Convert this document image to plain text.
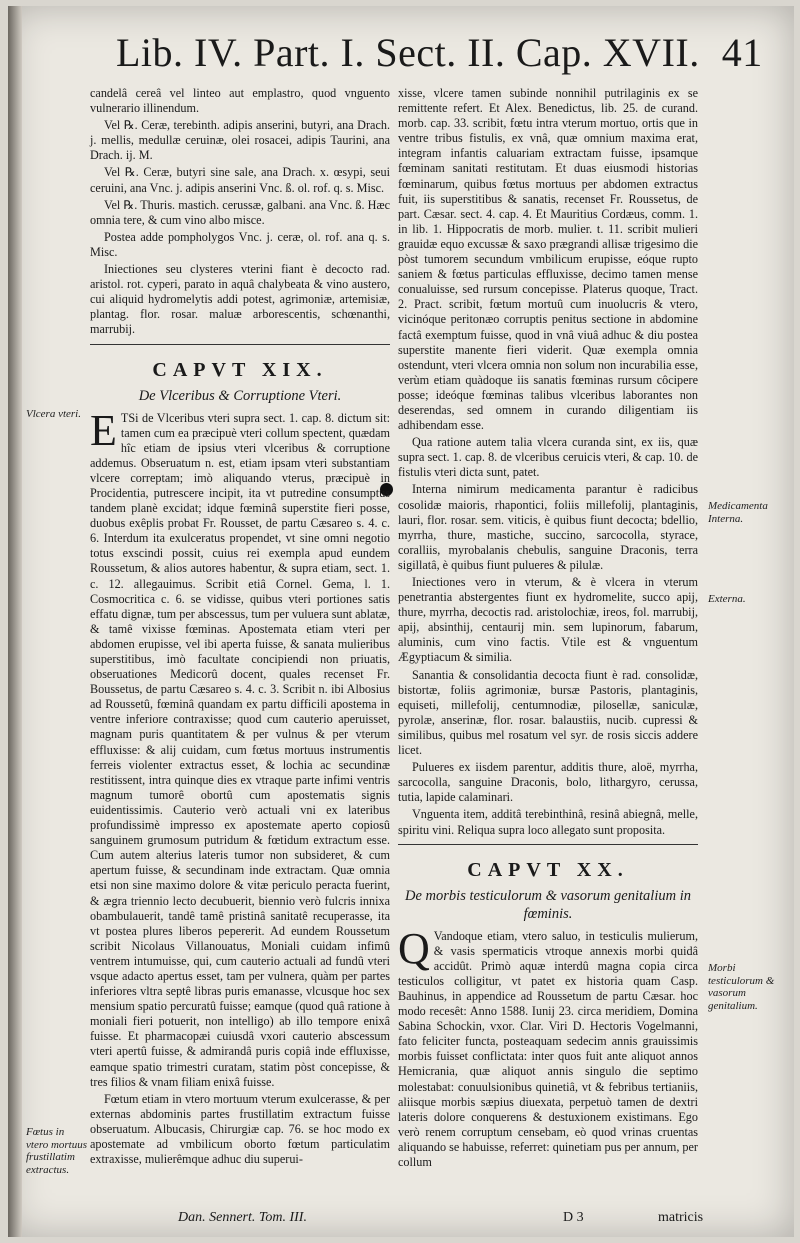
Lib. IV. Part. I. Sect. II. Cap. XVII. 41

candelâ cereâ vel linteo aut emplastro, quod vnguento vulnerario illinendum.

Vel ℞. Ceræ, terebinth. adipis anserini, butyri, ana Drach. j. mellis, medullæ ceruinæ, olei rosacei, adipis Taurini, ana Drach. ij. M.

Vel ℞. Ceræ, butyri sine sale, ana Drach. x. œsypi, seui ceruini, ana Vnc. j. adipis anserini Vnc. ß. ol. rof. q. s. Misc.

Vel ℞. Thuris. mastich. cerussæ, galbani. ana Vnc. ß. Hæc omnia tere, & cum vino albo misce.

Postea adde pompholygos Vnc. j. ceræ, ol. rof. ana q. s. Misc.

Iniectiones seu clysteres vterini fiant è decocto rad. aristol. rot. cyperi, parato in aquâ chalybeata & vino austero, cui aliquid hydromelytis addi potest, agrimoniæ, artemisiæ, plantag. flor. rosar. maluæ arborescentis, schœnanthi, marrubij.

CAPVT XIX.
De Vlceribus & Corruptione Vteri.

E TSi de Vlceribus vteri supra sect. 1. cap. 8. dictum sit: tamen cum ea præcipuè vteri collum spectent, quædam hîc etiam de ipsius vteri vlceribus & corruptione addemus. Obseruatum n. est, etiam ipsam vteri substantiam vlcere correptam; imò aliquando vterus, præcipuè in Procidentia, putrescere incipit, ita vt putredine consumptus tandem planè excidat; idque fœminâ superstite fieri posse, duobus exêplis probat Fr. Rousset, de partu Cæsareo s. 4. c. 6. Interdum ita exulceratus propendet, vt sine omni negotio totus exscindi possit, cuius rei exempla apud eundem Roussetum, & alios autores habentur, & supra etiam, sect. 1. c. 12. allegauimus. Scribit etiâ Cornel. Gema, l. 1. Cosmocritica c. 6. se vidisse, quibus vteri portiones satis effatu dignæ, tum per abscessus, tum per vuluera sunt ablatæ, & tamê vixisse fœminas. Apostemata etiam vteri per abdomen erupisse, vel ibi aperta fuisse, & sanata mulieribus superstitibus, imò facultate concipiendi non priuatis, obseruationes Medicorû docent, quales recenset Fr. Boussetus, de partu Cæsareo s. 4. c. 3. Scribit n. ibi Albosius ad Roussetû, fœminâ quandam ex partu difficili apostema in ventre inferiore contraxisse; quod cum cauterio aperuisset, magnam puris quantitatem & per vulnus & per vterum effluxisse: & alij cuidam, cum fœtus mortuus instrumentis ferreis violenter extractus esset, & lochia ac secundinæ restitissent, intra quinque dies ex vtraque parte infimi ventris magnum tumorê obortû cum apostematis signis euidentissimis. Cauterio verò actuali vni ex lateribus profundissimè impresso ex apostemate aperto copiosû sanguinem grumosum putridum & fœtidum extractum esse. Cum autem alterius lateris tumor non subsideret, & cum apertum fuisse, & secundinam inde extractam. Quæ omnia etsi non sine maximo dolore & vitæ periculo peracta fuerint, & ægra triennio lecto decubuerit, biennio verò fulcris innixa obambulauerit, tandê tamê pristinâ sanitatê recuperasse, ita vt postea plures liberos pepererit. Ad eundem Roussetum scribit Nicolaus Villanouatus, Moniali cuidam infimû ventrem intumuisse, qui, cum cauterio actuali ad fundû vteri vsque adacto apertus esset, tam per vulnera, quàm per partes inferiores vltra septê libras puris emanasse, vlcusque hoc sex mensium spatio percuratû fuisse; eamque (quod quâ ratione à moniali fieri potuerit, non intelligo) ab illo tempore enixâ fuisse. Et pharmacopæi cuiusdâ vxori cauterio abscessum vteri apertû fuisse, & admirandâ puris copiâ inde effluxisse, eamque spatio trimestri curatam, statim pòst concepisse, & tres filios & vnam filiam enixâ fuisse.

Fœtum etiam in vtero mortuum vterum exulcerasse, & per externas abdominis partes frustillatim extractum fuisse obseruatum. Albucasis, Chirurgiæ cap. 76. se hoc modo ex apostemate ad vmbilicum oborto fœtum particulatim extraxisse, mulierêmque adhuc diu superui-

xisse, vlcere tamen subinde nonnihil putrilaginis ex se remittente refert. Et Alex. Benedictus, lib. 25. de curand. morb. cap. 33. scribit, fœtu intra vterum mortuo, ortis que in ventre tribus fistulis, ex vnâ, quæ omnium maxima erat, integram infantis caluariam extractam fuisse, ipsamque fœminam sanitati restitutam. Et duas eiusmodi historias fœminarum, quibus fœtus mortuus per abdomen extractus fuit, iis superstitibus & sanatis, recenset Fr. Roussetus, de part. Cæsar. sect. 4. cap. 4. Et Mauritius Cordæus, comm. 1. in lib. 1. Hippocratis de morb. mulier. t. 11. scribit mulieri grauidæ equo excussæ & saxo prægrandi allisæ trigesimo die pòst tumorem secundum vmbilicum erupisse, eóque rupto saniem & fœtus particulas effluxisse, decimo tamen mense conualuisse, sed rursum concepisse. Platerus quoque, Tract. 2. Pract. scribit, fœtum mortuû cum inuolucris & vtero, vicinóque peritonæo corruptis penitus sectione in abdomine factâ exemptum fuisse, quod in vnâ viuâ adhuc & diu postea superstite manente fieri viderit. Quæ exempla omnia ostendunt, vteri vlcera omnia non solum non incurabilia esse, verùm etiam quàdoque iis sanatis fœminas rursum côcipere posse; ideóque fœminas talibus vlceribus laborantes non deserendas, sed omnem in curando diligentiam iis adhibendam esse.

Qua ratione autem talia vlcera curanda sint, ex iis, quæ supra sect. 1. cap. 8. de vlceribus ceruicis vteri, & cap. 10. de fistulis vteri dicta sunt, patet.

Interna nimirum medicamenta parantur è radicibus cosolidæ maioris, rhapontici, foliis millefolij, plantaginis, lauri, flor. rosar. sem. viticis, è quibus fiunt decocta; bdellio, myrrha, thure, mastiche, succino, sarcocolla, styrace, coralliis, myrobalanis chebulis, sanguine Draconis, terra sigillatâ, è quibus fiunt pulueres & pilulæ.

Iniectiones vero in vterum, & è vlcera in vterum penetrantia abstergentes fiunt ex hydromelite, succo apij, thure, myrrha, decoctis rad. aristolochiæ, ireos, fol. marrubij, apij, absinthij, centaurij min. sem lupinorum, fabarum, aluminis, cum vino factis. Vtile est & vnguentum Ægyptiacum & similia.

Sanantia & consolidantia decocta fiunt è rad. consolidæ, bistortæ, foliis agrimoniæ, bursæ Pastoris, plantaginis, equiseti, millefolij, centumnodiæ, pilosellæ, saniculæ, pyrolæ, anserinæ, flor. rosar. balaustiis, nucib. cupressi & similibus, quibus mel rosatum vel syr. de rosis siccis addere licet.

Pulueres ex iisdem parentur, additis thure, aloë, myrrha, sarcocolla, sanguine Draconis, bolo, lithargyro, cerussa, tutia, lapide calaminari.

Vnguenta item, additâ terebinthinâ, resinâ abiegnâ, melle, spiritu vini. Reliqua supra loco allegato sunt proposita.

CAPVT XX.
De morbis testiculorum & vasorum genitalium in fœminis.

Q Vandoque etiam, vtero saluo, in testiculis mulierum, & vasis spermaticis vtroque annexis morbi quidâ accidût. Primò aquæ interdû magna copia circa testiculos colligitur, vt patet ex historia quam Casp. Bauhinus, in appendice ad Roussetum de partu Cæsar. hoc modo recesêt: Anno 1588. Iunij 23. circa meridiem, Domina Sabina Schockin, vxor. Clar. Viri D. Hectoris Vogelmanni, fato feliciter functa, posteaquam sedecim annis grauissimis morbis fuisset conflictata: inter quos fuit ante aliquot annos Hemicrania, quæ aliquot annis singulo die septimo molestabat: conuulsionibus quinetiâ, vt & febribus tertianiis, aliisque morbis sæpius diuexata, perpetuò tamen de dextri lateris dolore conquerens & destuxionem existimans. Ego verò renem corruptum censebam, eò quod vrinas cruentas aliquando se habuisse, referret: quinetiam pus per annum, per collum

Vlcera vteri.
Fœtus in vtero mortuus frustillatim extractus.
Medicamenta Interna.
Externa.
Morbi testiculorum & vasorum genitalium.
Dan. Sennert. Tom. III.	D 3	matricis
